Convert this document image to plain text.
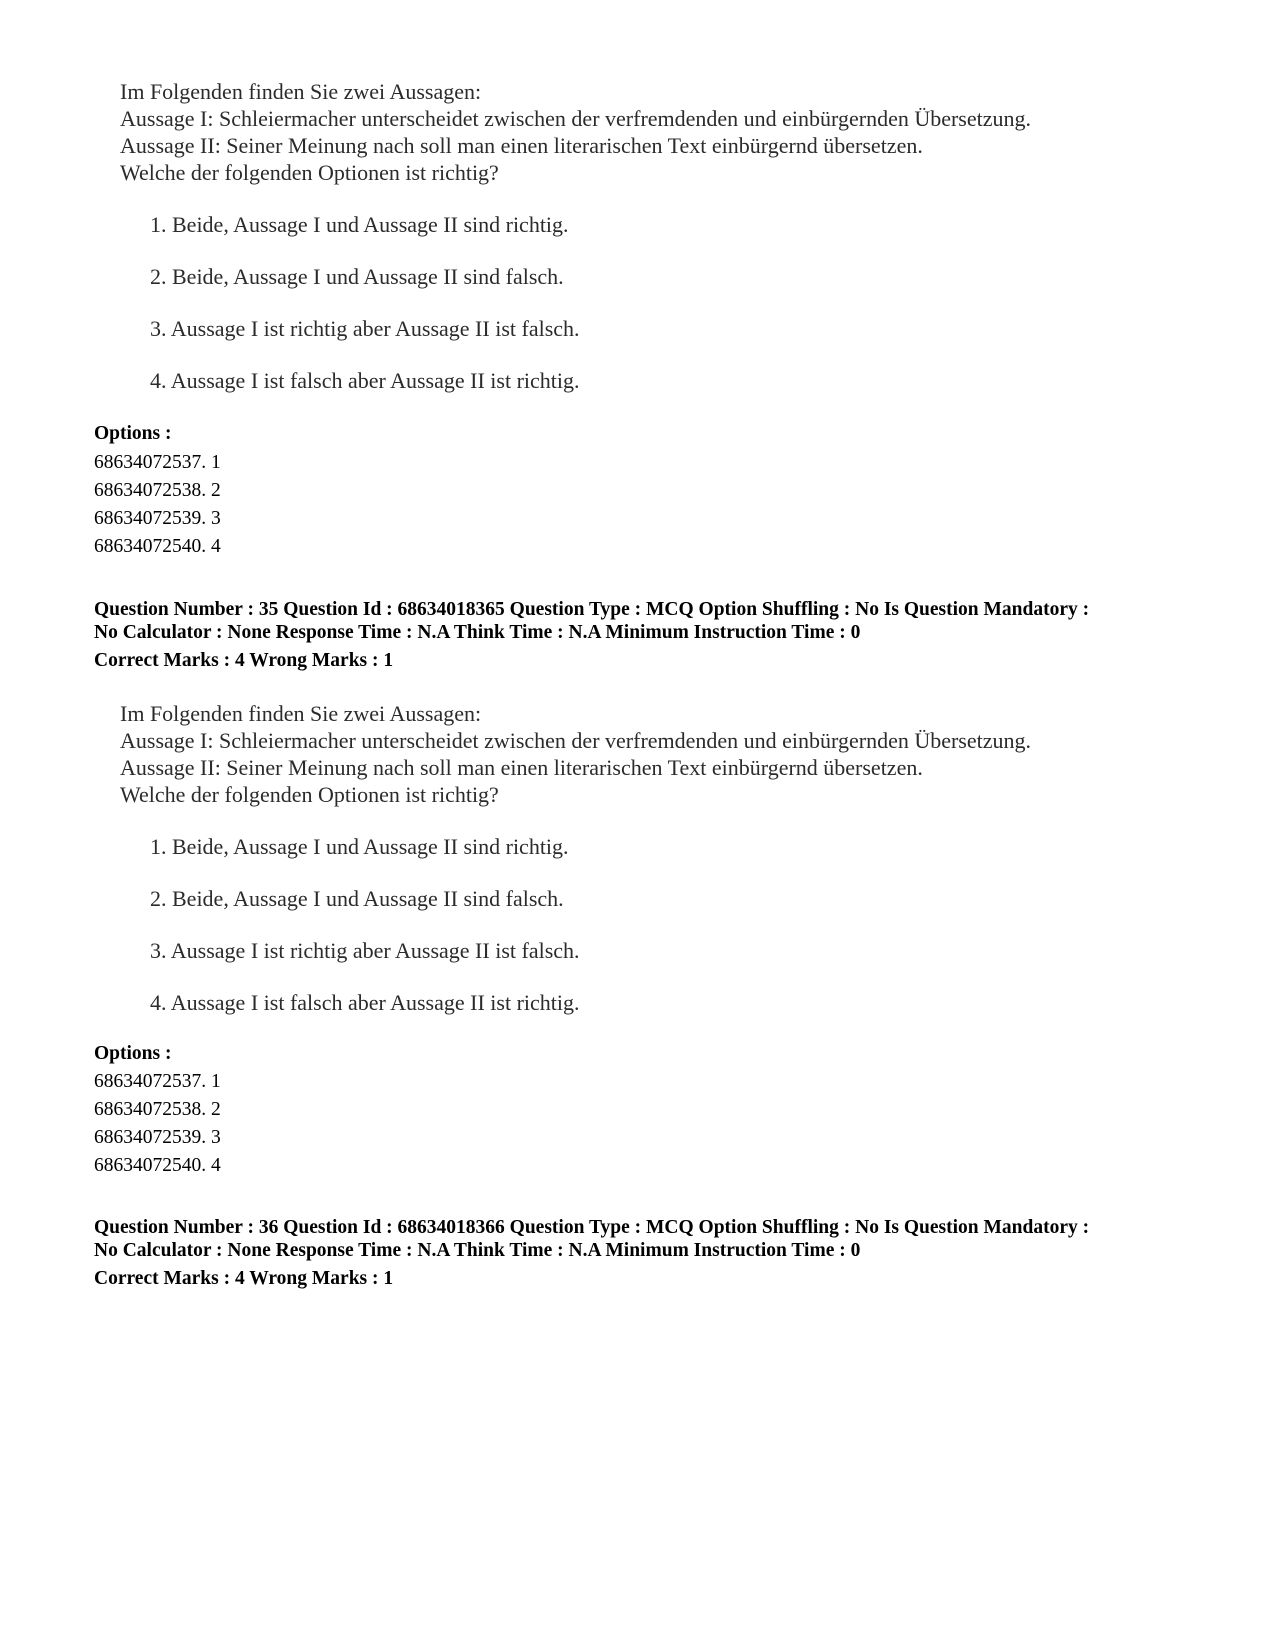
Im Folgenden finden Sie zwei Aussagen:
Aussage I: Schleiermacher unterscheidet zwischen der verfremdenden und einbürgernden Übersetzung.
Aussage II: Seiner Meinung nach soll man einen literarischen Text einbürgernd übersetzen.
Welche der folgenden Optionen ist richtig?
1. Beide, Aussage I und Aussage II sind richtig.
2. Beide, Aussage I und Aussage II sind falsch.
3. Aussage I ist richtig aber Aussage II ist falsch.
4. Aussage I ist falsch aber Aussage II ist richtig.
Options :
68634072537. 1
68634072538. 2
68634072539. 3
68634072540. 4
Question Number : 35 Question Id : 68634018365 Question Type : MCQ Option Shuffling : No Is Question Mandatory :
No Calculator : None Response Time : N.A Think Time : N.A Minimum Instruction Time : 0
Correct Marks : 4 Wrong Marks : 1
Im Folgenden finden Sie zwei Aussagen:
Aussage I: Schleiermacher unterscheidet zwischen der verfremdenden und einbürgernden Übersetzung.
Aussage II: Seiner Meinung nach soll man einen literarischen Text einbürgernd übersetzen.
Welche der folgenden Optionen ist richtig?
1. Beide, Aussage I und Aussage II sind richtig.
2. Beide, Aussage I und Aussage II sind falsch.
3. Aussage I ist richtig aber Aussage II ist falsch.
4. Aussage I ist falsch aber Aussage II ist richtig.
Options :
68634072537. 1
68634072538. 2
68634072539. 3
68634072540. 4
Question Number : 36 Question Id : 68634018366 Question Type : MCQ Option Shuffling : No Is Question Mandatory :
No Calculator : None Response Time : N.A Think Time : N.A Minimum Instruction Time : 0
Correct Marks : 4 Wrong Marks : 1
